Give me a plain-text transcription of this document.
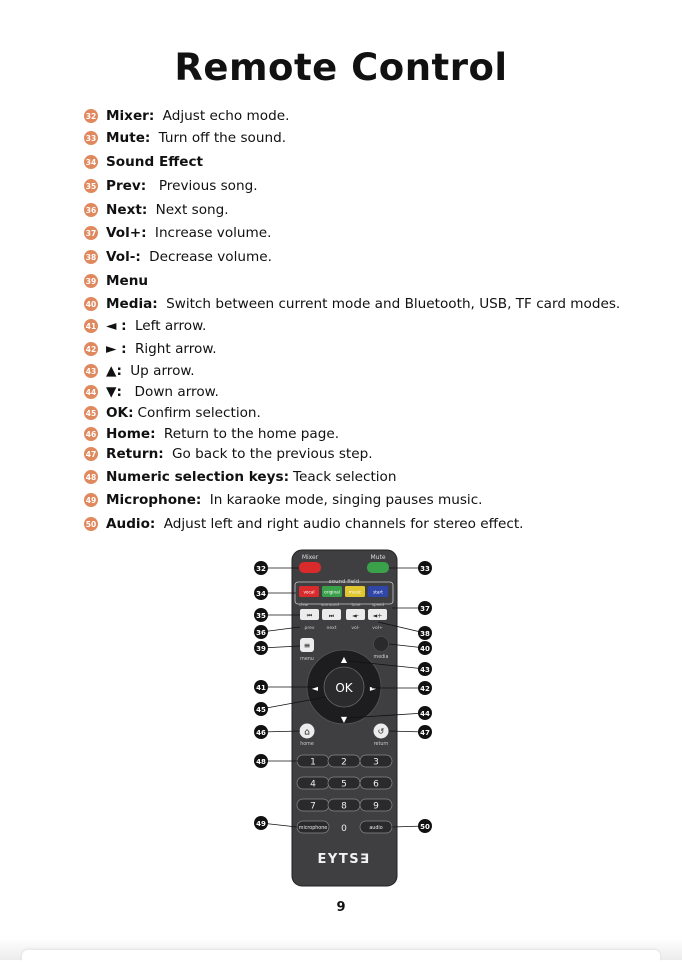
Remote Control
32 Mixer: Adjust echo mode.
33 Mute: Turn off the sound.
34 Sound Effect
35 Prev: Previous song.
36 Next: Next song.
37 Vol+: Increase volume.
38 Vol-: Decrease volume.
39 Menu
40 Media: Switch between current mode and Bluetooth, USB, TF card modes.
41 ◄ : Left arrow.
42 ► : Right arrow.
43 ▲: Up arrow.
44 ▼: Down arrow.
45 OK: Confirm selection.
46 Home: Return to the home page.
47 Return: Go back to the previous step.
48 Numeric selection keys: Teack selection
49 Microphone: In karaoke mode, singing pauses music.
50 Audio: Adjust left and right audio channels for stereo effect.
Mixer	Mute
sound field
vocal original music	start
clear	surround	tone	speed
⏮
prev
⏭
next
◄-
vol-
◄+
vol+
≡
menu	media
OK
▲
▼
◄	►
⌂
home
↺
return
1	2	3
4	5	6
7	8	9
microphone 0	audio
EYTS∃
32	33
34
35
36
37
38
39	40
41	42
43
44
45
46	47
48
49	50
9
